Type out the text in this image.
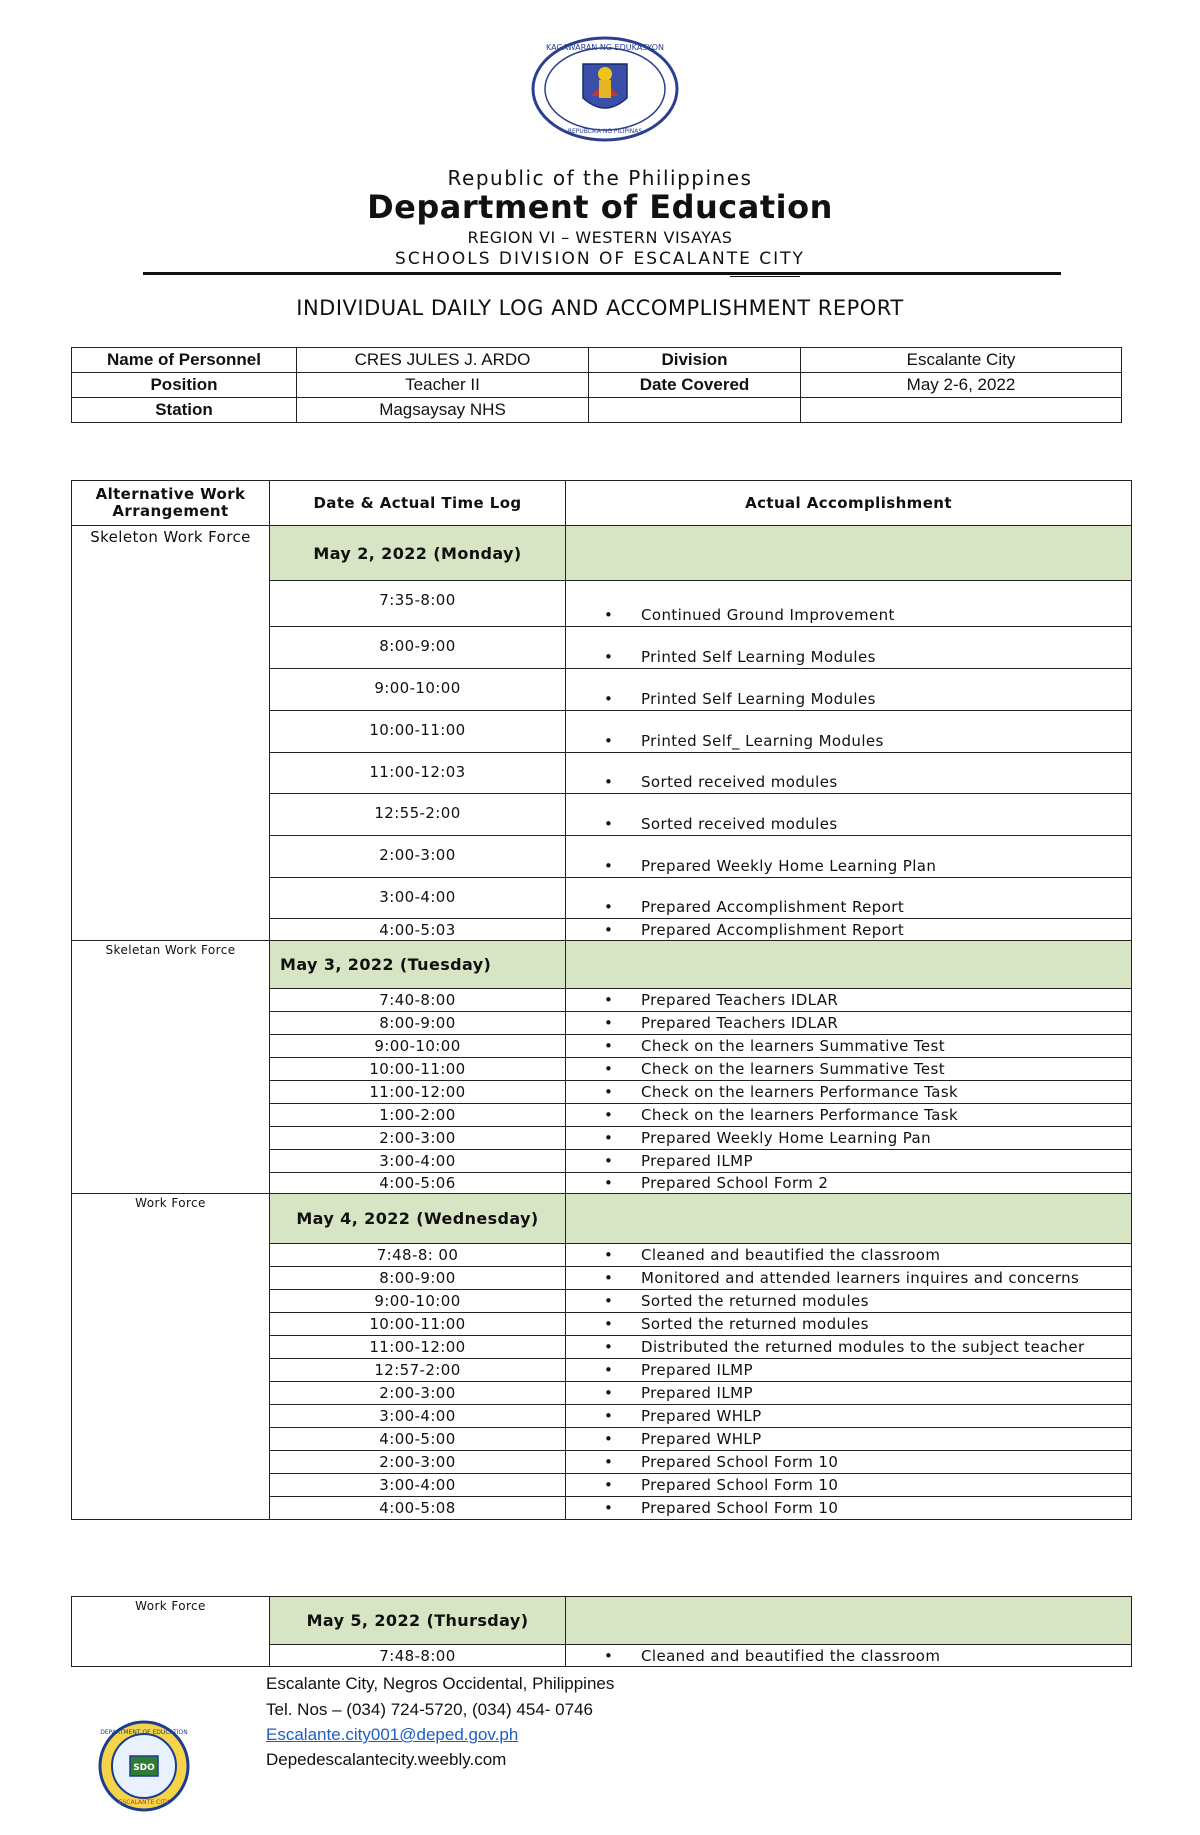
KAGAWARAN NG EDUKASYON
REPUBLIKA NG PILIPINAS
Republic of the Philippines
Department of Education
REGION VI – WESTERN VISAYAS
SCHOOLS DIVISION OF ESCALANTE CITY
INDIVIDUAL DAILY LOG AND ACCOMPLISHMENT REPORT
Name of Personnel	CRES JULES J. ARDO	Division	Escalante City
Position	Teacher II	Date Covered	May 2-6, 2022
Station	Magsaysay NHS		
Alternative Work Arrangement	Date & Actual Time Log	Actual Accomplishment
Skeleton Work Force	May 2, 2022 (Monday)	
	7:35-8:00	• Continued Ground Improvement
	8:00-9:00	• Printed Self Learning Modules
	9:00-10:00	• Printed Self Learning Modules
	10:00-11:00	• Printed Self_ Learning Modules
	11:00-12:03	• Sorted received modules
	12:55-2:00	• Sorted received modules
	2:00-3:00	• Prepared Weekly Home Learning Plan
	3:00-4:00	• Prepared Accomplishment Report
	4:00-5:03	• Prepared Accomplishment Report
Skeletan Work Force	May 3, 2022 (Tuesday)	
	7:40-8:00	• Prepared Teachers IDLAR
	8:00-9:00	• Prepared Teachers IDLAR
	9:00-10:00	• Check on the learners Summative Test
	10:00-11:00	• Check on the learners Summative Test
	11:00-12:00	• Check on the learners Performance Task
	1:00-2:00	• Check on the learners Performance Task
	2:00-3:00	• Prepared Weekly Home Learning Pan
	3:00-4:00	• Prepared ILMP
	4:00-5:06	• Prepared School Form 2
Work Force	May 4, 2022 (Wednesday)	
	7:48-8: 00	• Cleaned and beautified the classroom
	8:00-9:00	• Monitored and attended learners inquires and concerns
	9:00-10:00	• Sorted the returned modules
	10:00-11:00	• Sorted the returned modules
	11:00-12:00	• Distributed the returned modules to the subject teacher
	12:57-2:00	• Prepared ILMP
	2:00-3:00	• Prepared ILMP
	3:00-4:00	• Prepared WHLP
	4:00-5:00	• Prepared WHLP
	2:00-3:00	• Prepared School Form 10
	3:00-4:00	• Prepared School Form 10
	4:00-5:08	• Prepared School Form 10
Work Force	May 5, 2022 (Thursday)	
	7:48-8:00	• Cleaned and beautified the classroom
SDO
DEPARTMENT OF EDUCATION
ESCALANTE CITY
Escalante City, Negros Occidental, Philippines
Tel. Nos – (034) 724-5720, (034) 454- 0746
Escalante.city001@deped.gov.ph
Depedescalantecity.weebly.com
